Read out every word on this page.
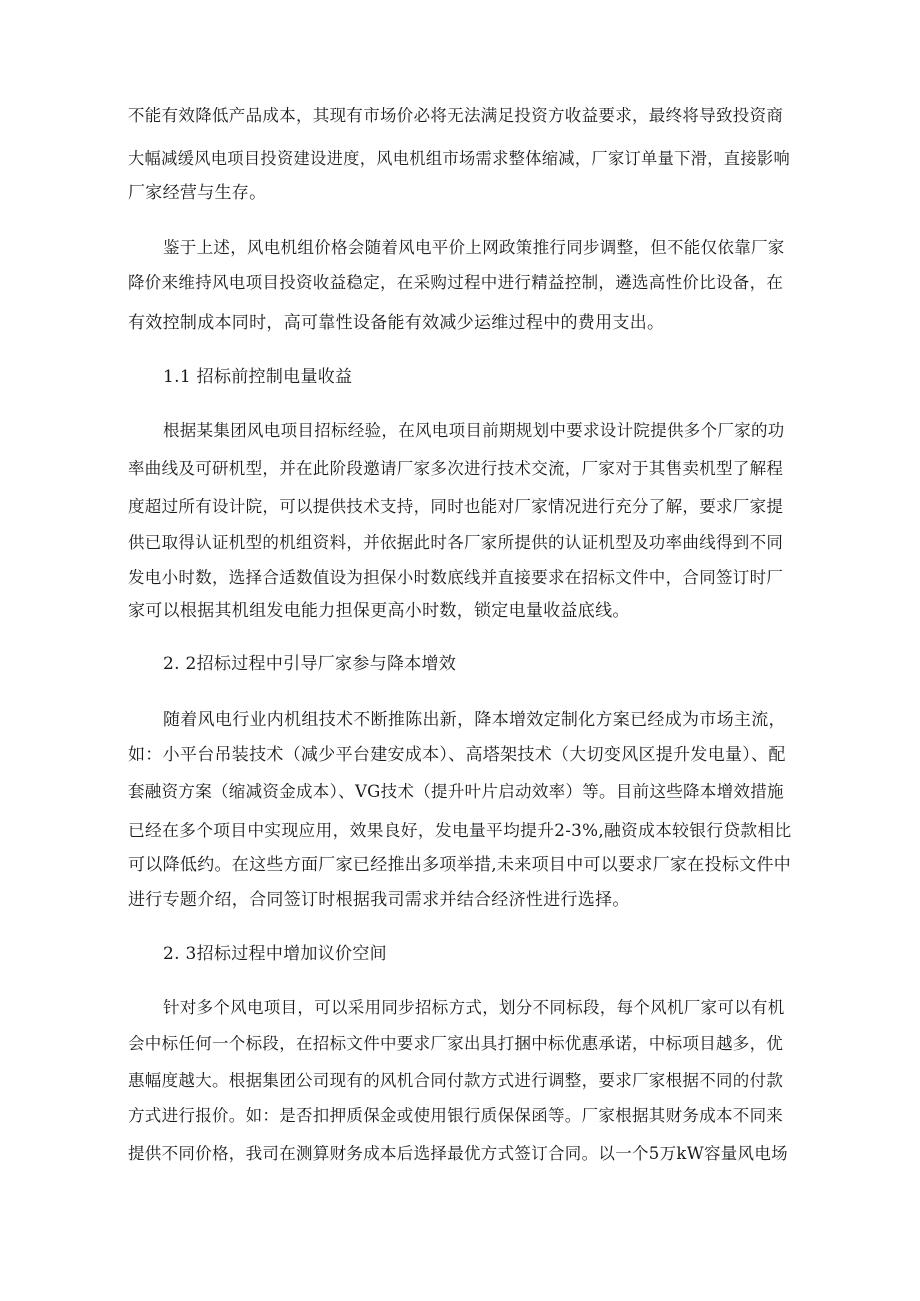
不能有效降低产品成本，其现有市场价必将无法满足投资方收益要求，最终将导致投资商
大幅减缓风电项目投资建设进度，风电机组市场需求整体缩减，厂家订单量下滑，直接影响
厂家经营与生存。
鉴于上述，风电机组价格会随着风电平价上网政策推行同步调整，但不能仅依靠厂家
降价来维持风电项目投资收益稳定，在采购过程中进行精益控制，遴选高性价比设备，在
有效控制成本同时，高可靠性设备能有效减少运维过程中的费用支出。
1.1 招标前控制电量收益
根据某集团风电项目招标经验，在风电项目前期规划中要求设计院提供多个厂家的功
率曲线及可研机型，并在此阶段邀请厂家多次进行技术交流，厂家对于其售卖机型了解程
度超过所有设计院，可以提供技术支持，同时也能对厂家情况进行充分了解，要求厂家提
供已取得认证机型的机组资料，并依据此时各厂家所提供的认证机型及功率曲线得到不同
发电小时数，选择合适数值设为担保小时数底线并直接要求在招标文件中，合同签订时厂
家可以根据其机组发电能力担保更高小时数，锁定电量收益底线。
2. 2招标过程中引导厂家参与降本增效
随着风电行业内机组技术不断推陈出新，降本增效定制化方案已经成为市场主流，
如：小平台吊装技术（减少平台建安成本）、高塔架技术（大切变风区提升发电量）、配
套融资方案（缩减资金成本）、VG技术（提升叶片启动效率）等。目前这些降本增效措施
已经在多个项目中实现应用，效果良好，发电量平均提升2-3%,融资成本较银行贷款相比
可以降低约。在这些方面厂家已经推出多项举措,未来项目中可以要求厂家在投标文件中
进行专题介绍，合同签订时根据我司需求并结合经济性进行选择。
2. 3招标过程中增加议价空间
针对多个风电项目，可以采用同步招标方式，划分不同标段，每个风机厂家可以有机
会中标任何一个标段，在招标文件中要求厂家出具打捆中标优惠承诺，中标项目越多，优
惠幅度越大。根据集团公司现有的风机合同付款方式进行调整，要求厂家根据不同的付款
方式进行报价。如：是否扣押质保金或使用银行质保保函等。厂家根据其财务成本不同来
提供不同价格，我司在测算财务成本后选择最优方式签订合同。以一个5万kW容量风电场
